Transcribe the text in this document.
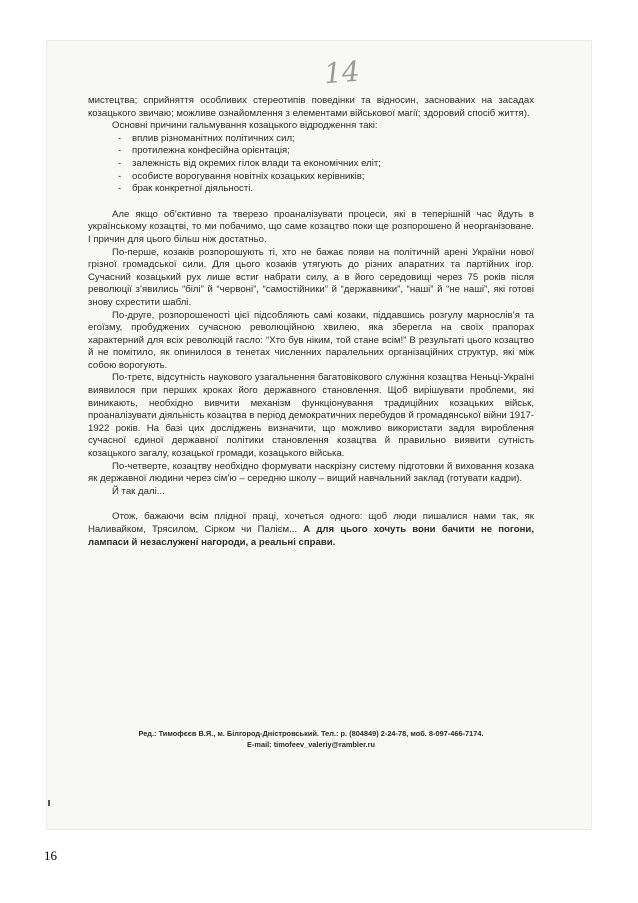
14

мистецтва; сприйняття особливих стереотипів поведінки та відносин, заснованих на засадах козацького звичаю; можливе ознайомлення з елементами військової магії; здоровий спосіб життя).

Основні причини гальмування козацького відродження такі:

- вплив різноманітних політичних сил;
- протилежна конфесійна орієнтація;
- залежність від окремих гілок влади та економічних еліт;
- особисте ворогування новітніх козацьких керівників;
- брак конкретної діяльності.

Але якщо об’єктивно та тверезо проаналізувати процеси, які в теперішній час йдуть в українському козацтві, то ми побачимо, що саме козацтво поки ще розпорошено й неорганізоване. І причин для цього більш ніж достатньо.

По-перше, козаків розпорошують ті, хто не бажає появи на політичній арені України нової грізної громадської сили. Для цього козаків утягують до різних апаратних та партійних ігор. Сучасний козацький рух лише встиг набрати силу, а в його середовищі через 75 років після революції з’явились “білі” й “червоні”, “самостійники” й “державники”, “наші” й “не наші”, які готові знову схрестити шаблі.

По-друге, розпорошеності цієї підсобляють самі козаки, піддавшись розгулу марнослів’я та егоїзму, пробуджених сучасною революційною хвилею, яка зберегла на своїх прапорах характерний для всіх революцій гасло: “Хто був ніким, той стане всім!” В результаті цього козацтво й не помітило, як опинилося в тенетах численних паралельних організаційних структур, які між собою ворогують.

По-третє, відсутність наукового узагальнення багатовікового служіння козацтва Неньці-Україні виявилося при перших кроках його державного становлення. Щоб вирішувати проблеми, які виникають, необхідно вивчити механізм функціонування традиційних козацьких військ, проаналізувати діяльність козацтва в період демократичних перебудов й громадянської війни 1917-1922 років. На базі цих досліджень визначити, що можливо використати задля вироблення сучасної єдиної державної політики становлення козацтва й правильно виявити сутність козацького загалу, козацької громади, козацького війська.

По-четверте, козацтву необхідно формувати наскрізну систему підготовки й виховання козака як державної людини через сім’ю – середню школу – вищий навчальний заклад (готувати кадри).

Й так далі...

Отож, бажаючи всім плідної праці, хочеться одного: щоб люди пишалися нами так, як Наливайком, Трясилом, Сірком чи Палієм... А для цього хочуть вони бачити не погони, лампаси й незаслужені нагороди, а реальні справи.

Ред.: Тимофєєв В.Я., м. Білгород-Дністровський. Тел.: р. (804849) 2-24-78, моб. 8-097-466-7174.
E-mail: timofeev_valeriy@rambler.ru
16
